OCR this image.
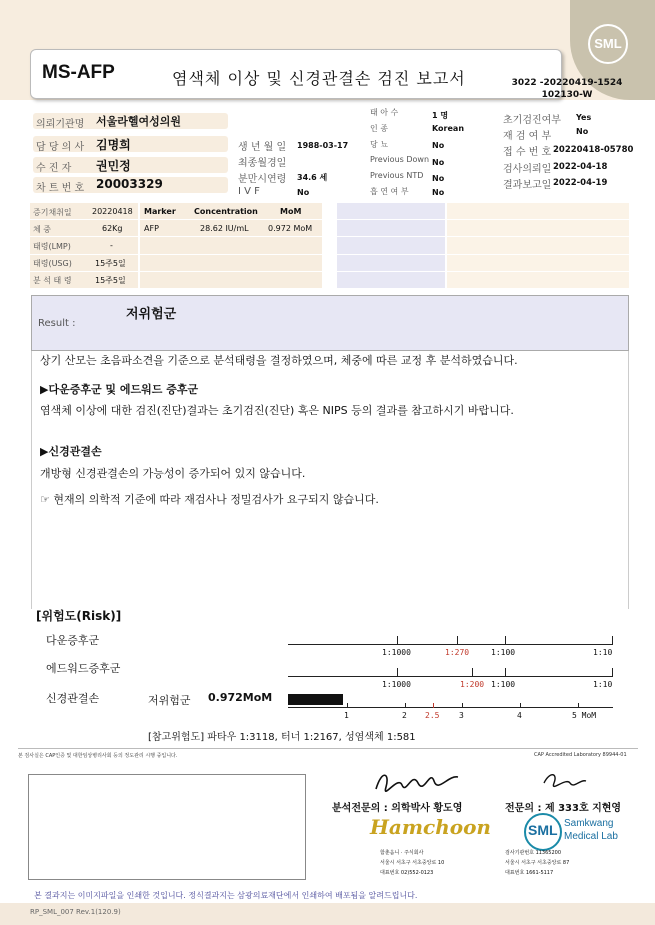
SML
MS-AFP	염색체 이상 및 신경관결손 검진 보고서	3022 -20220419-1524
102130-W
의뢰기관명 서울라헬여성의원
담 당 의 사 김명희
수 진 자 권민정
차 트 번 호 20003329
생 년 월 일 1988-03-17
최종월경일
분만시연령 34.6 세
I V F	No
태 아 수	1 명
인 종	Korean
당 뇨	No
Previous Down No
Previous NTD No
흡 연 여 부	No
초기검진여부 Yes
재 검 여 부	No
접 수 번 호 20220418-05780
검사의뢰일 2022-04-18
결과보고일 2022-04-19
증기채취일	20220418
체 중	62Kg
태령(LMP)	-
태령(USG)	15주5일
분 석 태 령	15주5일
Marker Concentration	MoM
AFP	28.62 IU/mL 0.972 MoM
Result :
저위험군
상기 산모는 초음파소견을 기준으로 분석태령을 결정하였으며, 체중에 따른 교정 후 분석하였습니다.
▶다운증후군 및 에드워드 증후군
염색체 이상에 대한 검진(진단)결과는 초기검진(진단) 혹은 NIPS 등의 결과를 참고하시기 바랍니다.
▶신경관결손
개방형 신경관결손의 가능성이 증가되어 있지 않습니다.
☞ 현재의 의학적 기준에 따라 재검사나 정밀검사가 요구되지 않습니다.
[위험도(Risk)]
다운증후군
1:1000	1:270	1:100	1:10
에드워드증후군
1:1000	1:200 1:100	1:10
신경관결손	저위험군 0.972MoM
1	2 2.5 3	4	5 MoM
[참고위험도] 파타우 1:3118, 터너 1:2167, 성염색체 1:581
본 검사실은 CAP인증 및 대한임상병리사회 등의 정도관리 시행 중입니다.	CAP Accredited Laboratory 89944-01
분석전문의 : 의학박사 황도영	전문의 : 제 333호 지현영
Hamchoon
함춘옴니 · 주식회사
서울시 서초구 서초중앙로 10
대표번호 02)552-0123
SML Samkwang
Medical Lab
검사기관번호 11365200
서울시 서초구 서초중앙로 87
대표번호 1661-5117
본 결과지는 이미지파일을 인쇄한 것입니다. 정식결과지는 삼광의료재단에서 인쇄하여 배포됨을 알려드립니다.
RP_SML_007 Rev.1(120.9)
